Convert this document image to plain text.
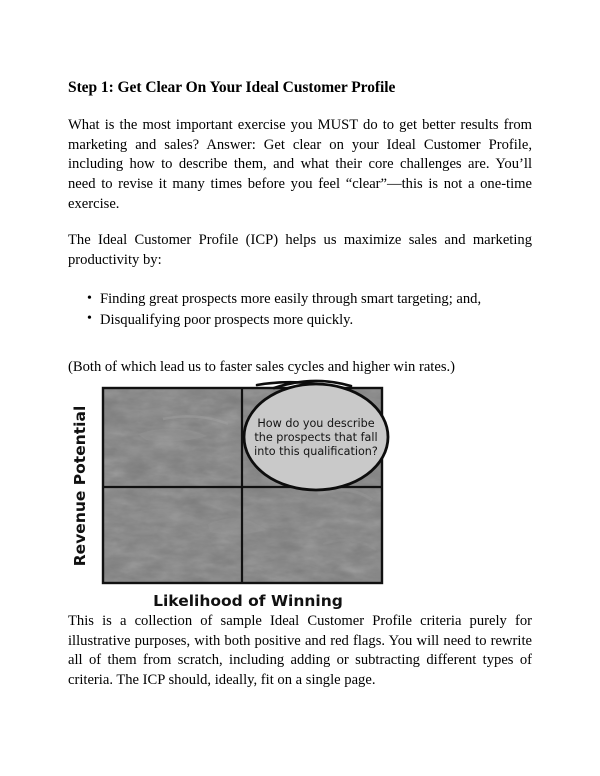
Step 1: Get Clear On Your Ideal Customer Profile

What is the most important exercise you MUST do to get better results from marketing and sales? Answer: Get clear on your Ideal Customer Profile, including how to describe them, and what their core challenges are. You’ll need to revise it many times before you feel “clear”—this is not a one-time exercise.

The Ideal Customer Profile (ICP) helps us maximize sales and marketing productivity by:

• Finding great prospects more easily through smart targeting; and,
• Disqualifying poor prospects more quickly.

(Both of which lead us to faster sales cycles and higher win rates.)

Revenue Potential	How do you describe
the prospects that fall
into this qualification?
Likelihood of Winning

This is a collection of sample Ideal Customer Profile criteria purely for illustrative purposes, with both positive and red flags. You will need to rewrite all of them from scratch, including adding or subtracting different types of criteria. The ICP should, ideally, fit on a single page.
